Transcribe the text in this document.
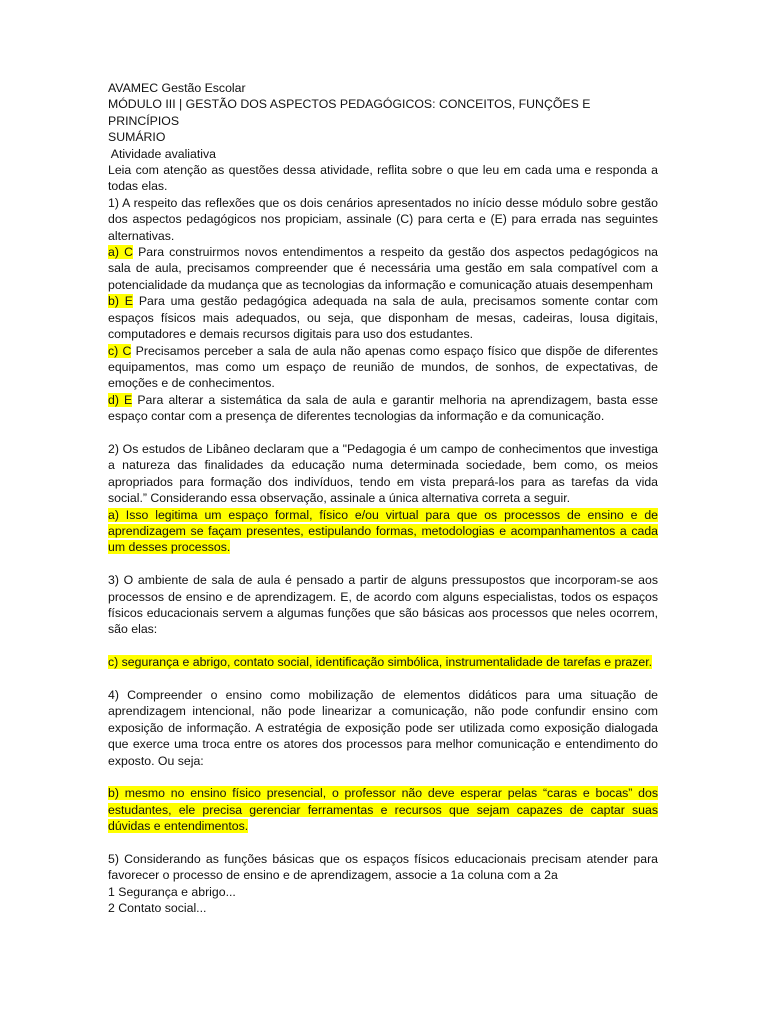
AVAMEC Gestão Escolar

MÓDULO III | GESTÃO DOS ASPECTOS PEDAGÓGICOS: CONCEITOS, FUNÇÕES E PRINCÍPIOS

SUMÁRIO

Atividade avaliativa

Leia com atenção as questões dessa atividade, reflita sobre o que leu em cada uma e responda a todas elas.

1) A respeito das reflexões que os dois cenários apresentados no início desse módulo sobre gestão dos aspectos pedagógicos nos propiciam, assinale (C) para certa e (E) para errada nas seguintes alternativas.

a) C Para construirmos novos entendimentos a respeito da gestão dos aspectos pedagógicos na sala de aula, precisamos compreender que é necessária uma gestão em sala compatível com a potencialidade da mudança que as tecnologias da informação e comunicação atuais desempenham

b) E Para uma gestão pedagógica adequada na sala de aula, precisamos somente contar com espaços físicos mais adequados, ou seja, que disponham de mesas, cadeiras, lousa digitais, computadores e demais recursos digitais para uso dos estudantes.

c) C Precisamos perceber a sala de aula não apenas como espaço físico que dispõe de diferentes equipamentos, mas como um espaço de reunião de mundos, de sonhos, de expectativas, de emoções e de conhecimentos.

d) E Para alterar a sistemática da sala de aula e garantir melhoria na aprendizagem, basta esse espaço contar com a presença de diferentes tecnologias da informação e da comunicação.

2) Os estudos de Libâneo declaram que a "Pedagogia é um campo de conhecimentos que investiga a natureza das finalidades da educação numa determinada sociedade, bem como, os meios apropriados para formação dos indivíduos, tendo em vista prepará-los para as tarefas da vida social.” Considerando essa observação, assinale a única alternativa correta a seguir.

a) Isso legitima um espaço formal, físico e/ou virtual para que os processos de ensino e de aprendizagem se façam presentes, estipulando formas, metodologias e acompanhamentos a cada um desses processos.

3) O ambiente de sala de aula é pensado a partir de alguns pressupostos que incorporam-se aos processos de ensino e de aprendizagem. E, de acordo com alguns especialistas, todos os espaços físicos educacionais servem a algumas funções que são básicas aos processos que neles ocorrem, são elas:

c) segurança e abrigo, contato social, identificação simbólica, instrumentalidade de tarefas e prazer.

4) Compreender o ensino como mobilização de elementos didáticos para uma situação de aprendizagem intencional, não pode linearizar a comunicação, não pode confundir ensino com exposição de informação. A estratégia de exposição pode ser utilizada como exposição dialogada que exerce uma troca entre os atores dos processos para melhor comunicação e entendimento do exposto. Ou seja:

b) mesmo no ensino físico presencial, o professor não deve esperar pelas “caras e bocas” dos estudantes, ele precisa gerenciar ferramentas e recursos que sejam capazes de captar suas dúvidas e entendimentos.

5) Considerando as funções básicas que os espaços físicos educacionais precisam atender para favorecer o processo de ensino e de aprendizagem, associe a 1a coluna com a 2a

1 Segurança e abrigo...

2 Contato social...
